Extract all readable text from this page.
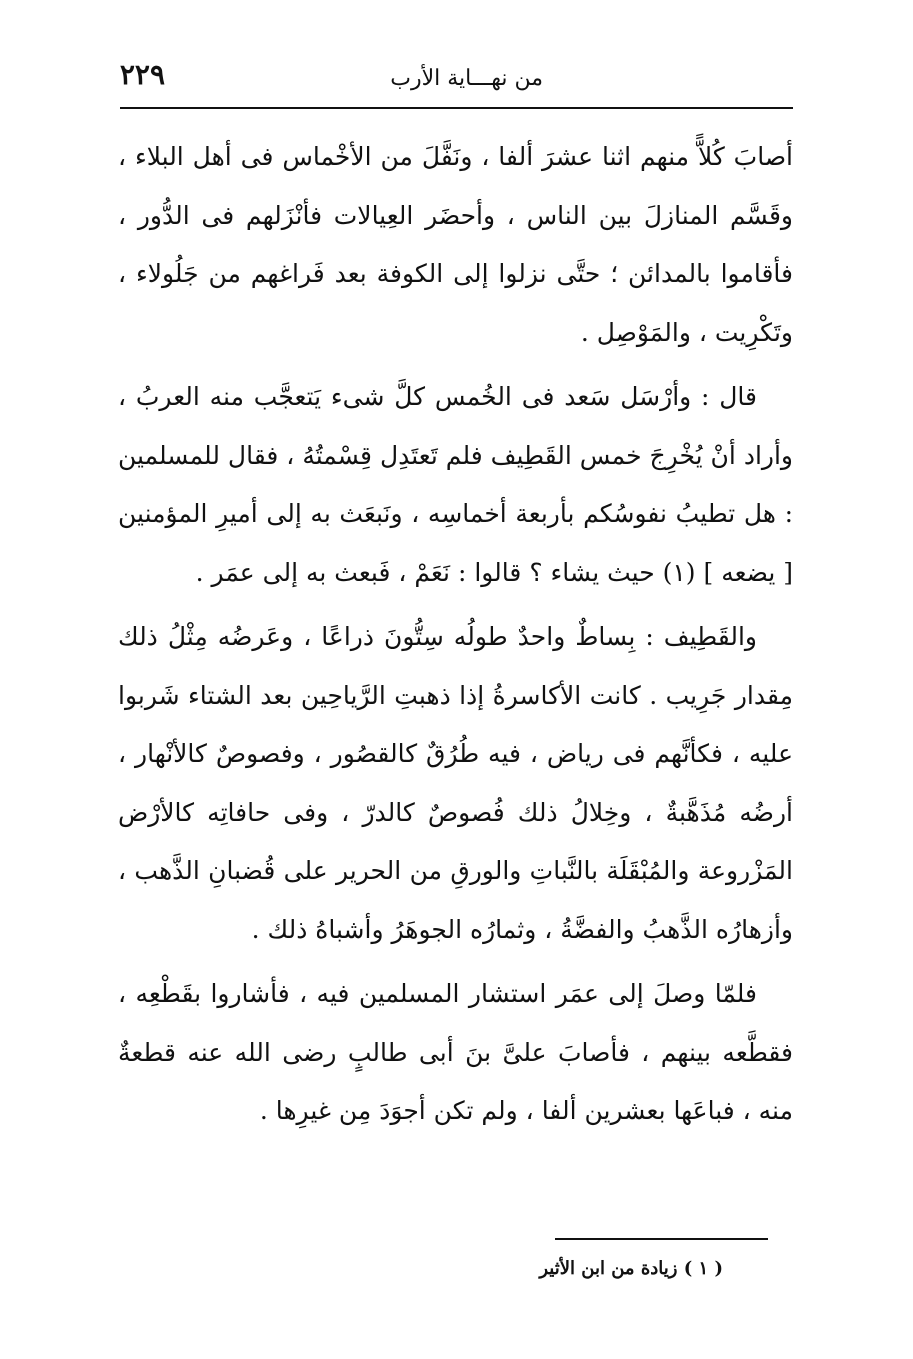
٢٢٩	من نهـــاية الأرب

أصابَ كُلاًّ منهم اثنا عشرَ ألفا ، ونَفَّلَ من الأخْماس فى أهل البلاء ، وقَسَّم المنازلَ بين الناس ، وأحضَر العِيالات فأنْزَلهم فى الدُّور ، فأقاموا بالمدائن ؛ حتَّى نزلوا إلى الكوفة بعد فَراغهم من جَلُولاء ، وتَكْرِيت ، والمَوْصِل .

قال : وأرْسَل سَعد فى الخُمس كلَّ شىء يَتعجَّب منه العربُ ، وأراد أنْ يُخْرِجَ خمس القَطِيف فلم تَعتَدِل قِسْمتُهُ ، فقال للمسلمين : هل تطيبُ نفوسُكم بأربعة أخماسِه ، ونَبعَث به إلى أميرِ المؤمنين [ يضعه ] (١) حيث يشاء ؟ قالوا : نَعَمْ ، فَبعث به إلى عمَر .

والقَطِيف : بِساطٌ واحدٌ طولُه سِتُّونَ ذراعًا ، وعَرضُه مِثْلُ ذلك مِقدار جَرِيب . كانت الأكاسرةُ إذا ذهبتِ الرَّياحِين بعد الشتاء شَربوا عليه ، فكأنَّهم فى رياض ، فيه طُرُقٌ كالقصُور ، وفصوصٌ كالأنْهار ، أرضُه مُذَهَّبةٌ ، وخِلالُ ذلك فُصوصٌ كالدرّ ، وفى حافاتِه كالأرْض المَزْروعة والمُبْقَلَة بالنَّباتِ والورقِ من الحرير على قُضبانِ الذَّهب ، وأزهارُه الذَّهبُ والفضَّةُ ، وثمارُه الجوهَرُ وأشباهُ ذلك .

فلمّا وصلَ إلى عمَر استشار المسلمين فيه ، فأشاروا بقَطْعِه ، فقطَّعه بينهم ، فأصابَ علىَّ بنَ أبى طالبٍ رضى الله عنه قطعةٌ منه ، فباعَها بعشرين ألفا ، ولم تكن أجوَدَ مِن غيرِها .

( ١ ) زيادة من ابن الأثير
